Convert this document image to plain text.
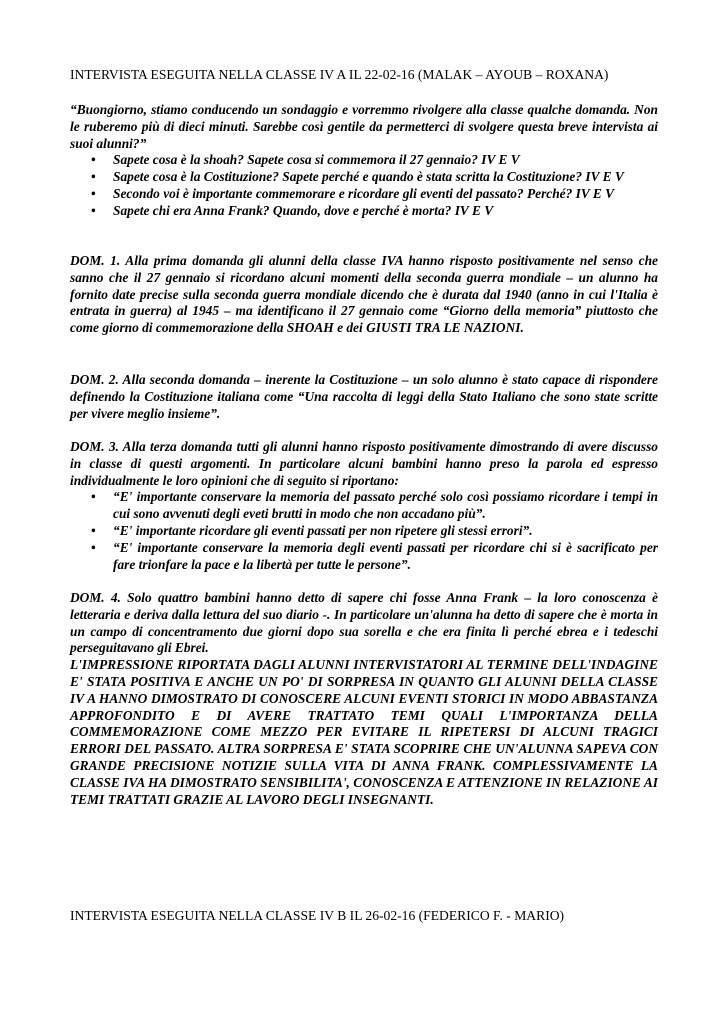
INTERVISTA ESEGUITA NELLA CLASSE IV A IL 22-02-16 (MALAK – AYOUB – ROXANA)

“Buongiorno, stiamo conducendo un sondaggio e vorremmo rivolgere alla classe qualche domanda. Non le ruberemo più di dieci minuti. Sarebbe così gentile da permetterci di svolgere questa breve intervista ai suoi alunni?”

• Sapete cosa è la shoah? Sapete cosa si commemora il 27 gennaio? IV E V
• Sapete cosa è la Costituzione? Sapete perché e quando è stata scritta la Costituzione? IV E V
• Secondo voi è importante commemorare e ricordare gli eventi del passato? Perché? IV E V
• Sapete chi era Anna Frank? Quando, dove e perché è morta? IV E V
DOM. 1. Alla prima domanda gli alunni della classe IVA hanno risposto positivamente nel senso che sanno che il 27 gennaio si ricordano alcuni momenti della seconda guerra mondiale – un alunno ha fornito date precise sulla seconda guerra mondiale dicendo che è durata dal 1940 (anno in cui l'Italia è entrata in guerra) al 1945 – ma identificano il 27 gennaio come “Giorno della memoria” piuttosto che come giorno di commemorazione della SHOAH e dei GIUSTI TRA LE NAZIONI.
DOM. 2. Alla seconda domanda – inerente la Costituzione – un solo alunno è stato capace di rispondere definendo la Costituzione italiana come “Una raccolta di leggi della Stato Italiano che sono state scritte per vivere meglio insieme”.

DOM. 3. Alla terza domanda tutti gli alunni hanno risposto positivamente dimostrando di avere discusso in classe di questi argomenti. In particolare alcuni bambini hanno preso la parola ed espresso individualmente le loro opinioni che di seguito si riportano:

• “E' importante conservare la memoria del passato perché solo così possiamo ricordare i tempi in cui sono avvenuti degli eveti brutti in modo che non accadano più”.
• “E' importante ricordare gli eventi passati per non ripetere gli stessi errori”.
• “E' importante conservare la memoria degli eventi passati per ricordare chi si è sacrificato per fare trionfare la pace e la libertà per tutte le persone”.

DOM. 4. Solo quattro bambini hanno detto di sapere chi fosse Anna Frank – la loro conoscenza è letteraria e deriva dalla lettura del suo diario -. In particolare un'alunna ha detto di sapere che è morta in un campo di concentramento due giorni dopo sua sorella e che era finita lì perché ebrea e i tedeschi perseguitavano gli Ebrei.

L'IMPRESSIONE RIPORTATA DAGLI ALUNNI INTERVISTATORI AL TERMINE DELL'INDAGINE E' STATA POSITIVA E ANCHE UN PO' DI SORPRESA IN QUANTO GLI ALUNNI DELLA CLASSE IV A HANNO DIMOSTRATO DI CONOSCERE ALCUNI EVENTI STORICI IN MODO ABBASTANZA APPROFONDITO E DI AVERE TRATTATO TEMI QUALI L'IMPORTANZA DELLA COMMEMORAZIONE COME MEZZO PER EVITARE IL RIPETERSI DI ALCUNI TRAGICI ERRORI DEL PASSATO. ALTRA SORPRESA E' STATA SCOPRIRE CHE UN'ALUNNA SAPEVA CON GRANDE PRECISIONE NOTIZIE SULLA VITA DI ANNA FRANK. COMPLESSIVAMENTE LA CLASSE IVA HA DIMOSTRATO SENSIBILITA', CONOSCENZA E ATTENZIONE IN RELAZIONE AI TEMI TRATTATI GRAZIE AL LAVORO DEGLI INSEGNANTI.

INTERVISTA ESEGUITA NELLA CLASSE IV B IL 26-02-16 (FEDERICO F. - MARIO)
